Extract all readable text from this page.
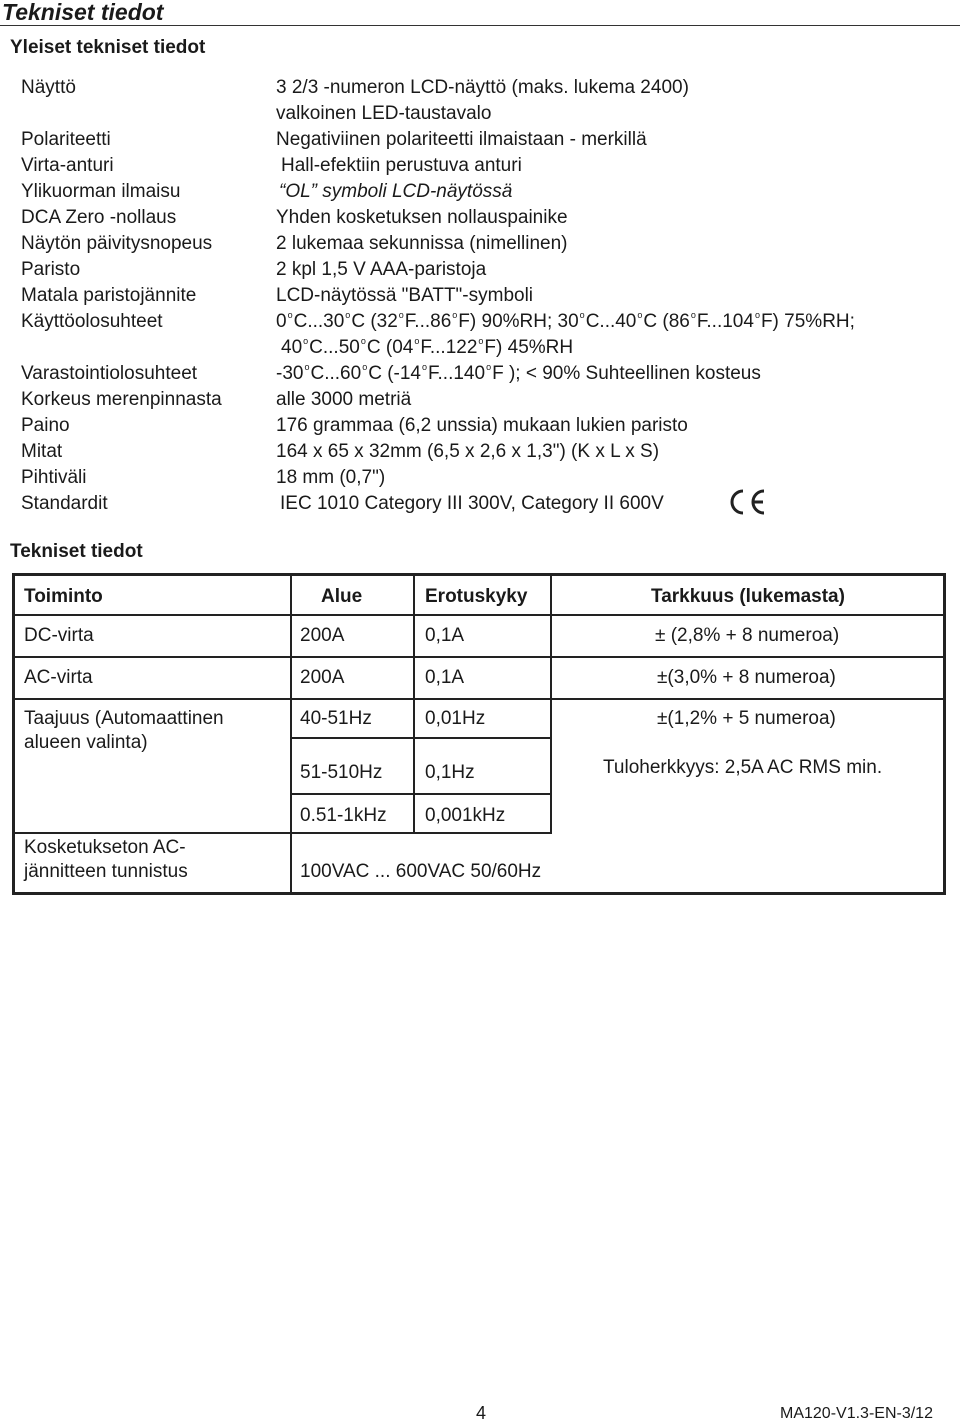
Tekniset tiedot
Yleiset tekniset tiedot
Näyttö	3 2/3 -numeron LCD-näyttö (maks. lukema 2400)
valkoinen LED-taustavalo
Polariteetti	Negativiinen polariteetti ilmaistaan - merkillä
Virta-anturi	Hall-efektiin perustuva anturi
Ylikuorman ilmaisu	“OL” symboli LCD-näytössä
DCA Zero -nollaus	Yhden kosketuksen nollauspainike
Näytön päivitysnopeus	2 lukemaa sekunnissa (nimellinen)
Paristo	2 kpl 1,5 V AAA-paristoja
Matala paristojännite	LCD-näytössä "BATT"-symboli
Käyttöolosuhteet	0$^o$C...30$^o$C (32$^o$F...86$^o$F) 90%RH; 30$^o$C...40$^o$C (86$^o$F...104$^o$F) 75%RH;
40$^o$C...50$^o$C (04$^o$F...122$^o$F) 45%RH
Varastointiolosuhteet	-30$^o$C...60$^o$C (-14$^o$F...140$^o$F ); < 90% Suhteellinen kosteus
Korkeus merenpinnasta	alle 3000 metriä
Paino	176 grammaa (6,2 unssia) mukaan lukien paristo
Mitat	164 x 65 x 32mm (6,5 x 2,6 x 1,3") (K x L x S)
Pihtiväli	18 mm (0,7")
Standardit	IEC 1010 Category III 300V, Category II 600V
Tekniset tiedot
Toiminto	Alue	Erotuskyky	Tarkkuus (lukemasta)
DC-virta	200A	0,1A	± (2,8% + 8 numeroa)
AC-virta	200A	0,1A	±(3,0% + 8 numeroa)
Taajuus (Automaattinen alueen valinta)
40-51Hz	0,01Hz	±(1,2% + 5 numeroa)
51-510Hz 0,1Hz	Tuloherkkyys: 2,5A AC RMS min.
0.51-1kHz 0,001kHz
Kosketukseton AC-jännitteen tunnistus	100VAC ... 600VAC 50/60Hz
4	MA120-V1.3-EN-3/12
